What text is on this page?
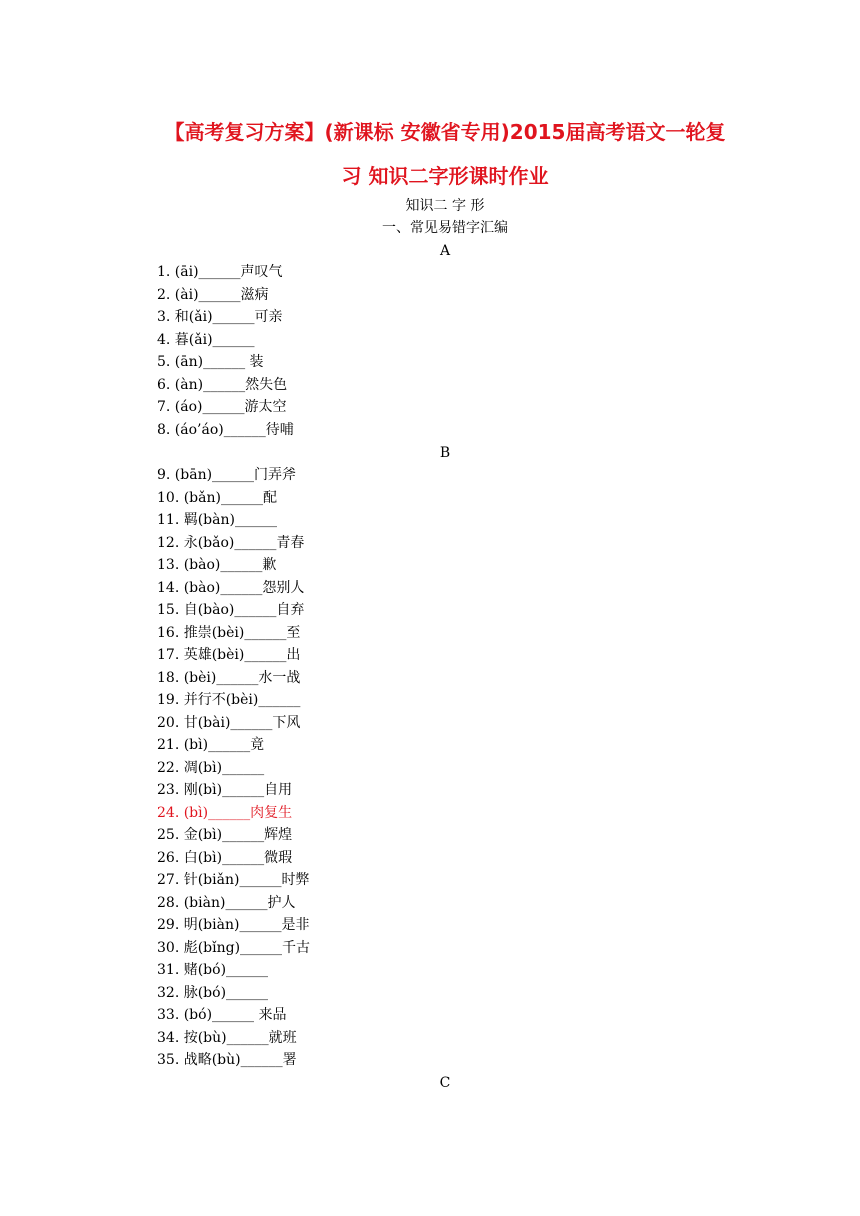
【高考复习方案】(新课标 安徽省专用)2015届高考语文一轮复
习 知识二字形课时作业
知识二 字 形
一、常见易错字汇编
A
1. (āi)______声叹气
2. (ài)______滋病
3. 和(ǎi)______可亲
4. 暮(ǎi)______
5. (ān)______ 装
6. (àn)______然失色
7. (áo)______游太空
8. (áo’áo)______待哺
B
9. (bān)______门弄斧
10. (bǎn)______配
11. 羁(bàn)______
12. 永(bǎo)______青春
13. (bào)______歉
14. (bào)______怨别人
15. 自(bào)______自弃
16. 推崇(bèi)______至
17. 英雄(bèi)______出
18. (bèi)______水一战
19. 并行不(bèi)______
20. 甘(bài)______下风
21. (bì)______竟
22. 凋(bì)______
23. 刚(bì)______自用
24. (bì)______肉复生
25. 金(bì)______辉煌
26. 白(bì)______微瑕
27. 针(biǎn)______时弊
28. (biàn)______护人
29. 明(biàn)______是非
30. 彪(bǐng)______千古
31. 赌(bó)______
32. 脉(bó)______
33. (bó)______ 来品
34. 按(bù)______就班
35. 战略(bù)______署
C
